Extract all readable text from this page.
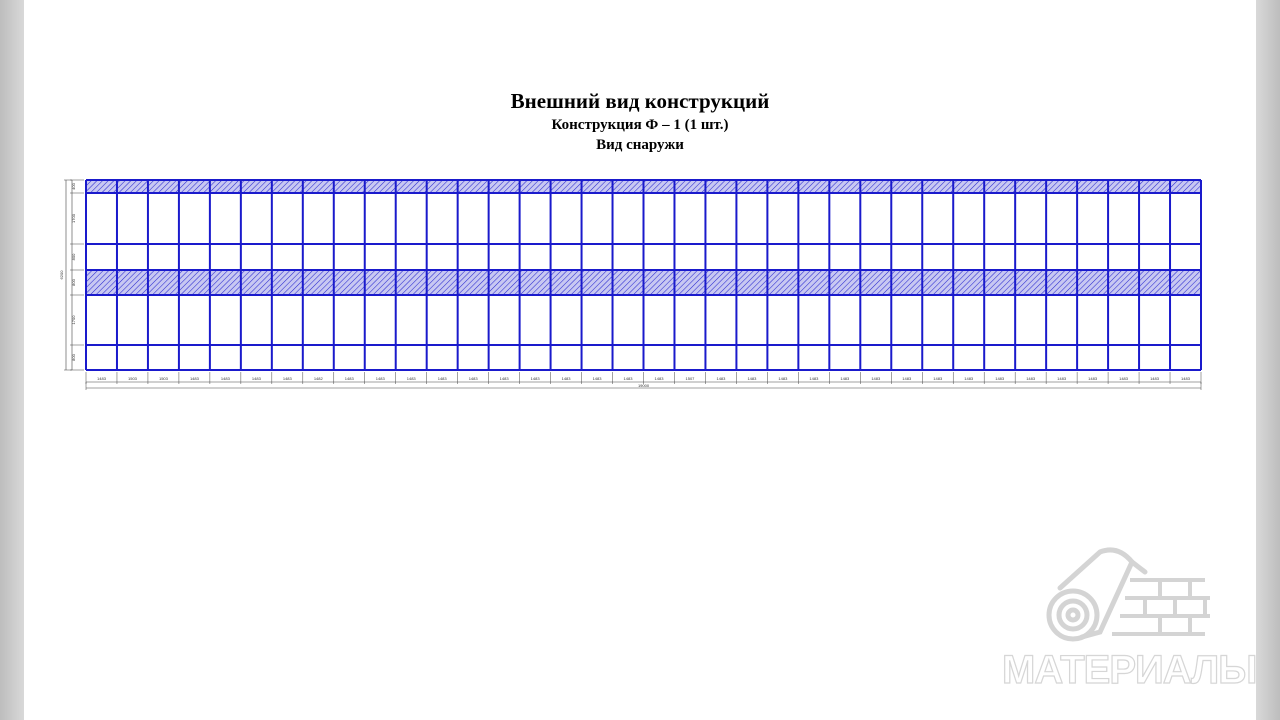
Внешний вид конструкций
Конструкция Ф – 1 (1 шт.)
Вид снаружи
1483	1503	1503	1483	1483	1483	1483	1482	1483	1483	1483	1483	1483	1483	1483	1483	1483	1483	1483	1507	1483	1483	1483	1483	1483	1483	1483	1483	1483	1483	1483	1483	1483	1483	1483	1483
19000
400
1700
800
800
1700
800
6200
МАТЕРИАЛЫ
